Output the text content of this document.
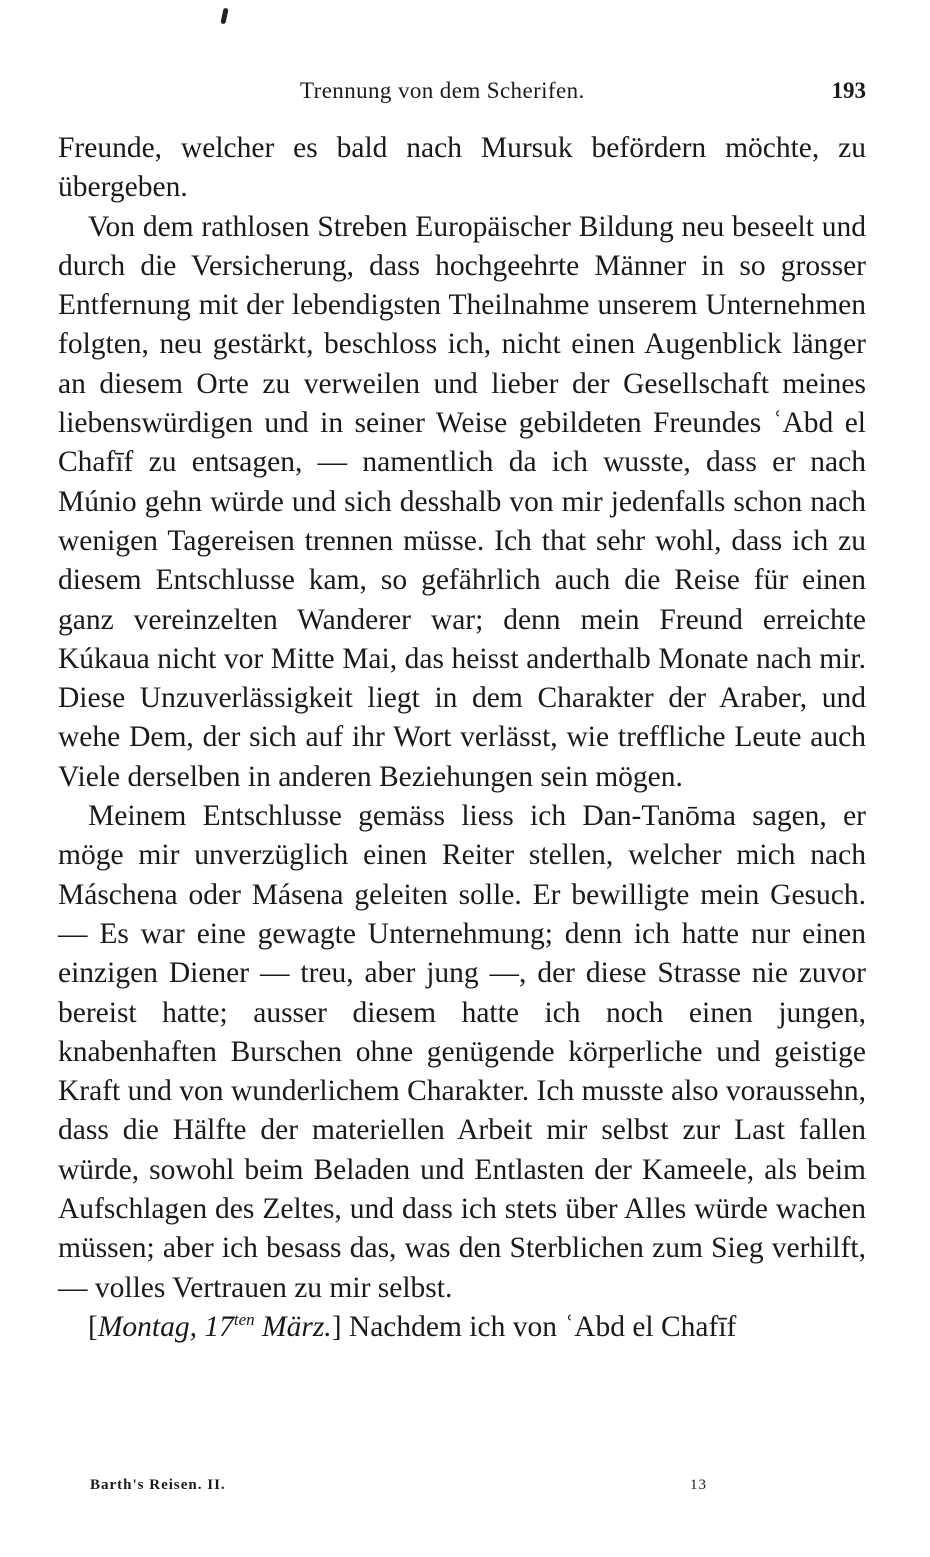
Trennung von dem Scherifen.	193

Freunde, welcher es bald nach Mursuk befördern möchte, zu übergeben.

Von dem rathlosen Streben Europäischer Bildung neu beseelt und durch die Versicherung, dass hochgeehrte Männer in so grosser Entfernung mit der lebendigsten Theilnahme unserem Unternehmen folgten, neu gestärkt, beschloss ich, nicht einen Augenblick länger an diesem Orte zu verweilen und lieber der Gesellschaft meines liebenswürdigen und in seiner Weise gebildeten Freundes ʿAbd el Chafīf zu entsagen, — namentlich da ich wusste, dass er nach Múnio gehn würde und sich desshalb von mir jedenfalls schon nach wenigen Tagereisen trennen müsse. Ich that sehr wohl, dass ich zu diesem Entschlusse kam, so gefährlich auch die Reise für einen ganz vereinzelten Wanderer war; denn mein Freund erreichte Kúkaua nicht vor Mitte Mai, das heisst anderthalb Monate nach mir. Diese Unzuverlässigkeit liegt in dem Charakter der Araber, und wehe Dem, der sich auf ihr Wort verlässt, wie treffliche Leute auch Viele derselben in anderen Beziehungen sein mögen.

Meinem Entschlusse gemäss liess ich Dan-Tanōma sagen, er möge mir unverzüglich einen Reiter stellen, welcher mich nach Máschena oder Másena geleiten solle. Er bewilligte mein Gesuch. — Es war eine gewagte Unternehmung; denn ich hatte nur einen einzigen Diener — treu, aber jung —, der diese Strasse nie zuvor bereist hatte; ausser diesem hatte ich noch einen jungen, knabenhaften Burschen ohne genügende körperliche und geistige Kraft und von wunderlichem Charakter. Ich musste also voraussehn, dass die Hälfte der materiellen Arbeit mir selbst zur Last fallen würde, sowohl beim Beladen und Entlasten der Kameele, als beim Aufschlagen des Zeltes, und dass ich stets über Alles würde wachen müssen; aber ich besass das, was den Sterblichen zum Sieg verhilft, — volles Vertrauen zu mir selbst.

[Montag, $17^{ten}$ März.] Nachdem ich von ʿAbd el Chafīf

Barth's Reisen. II.	13
